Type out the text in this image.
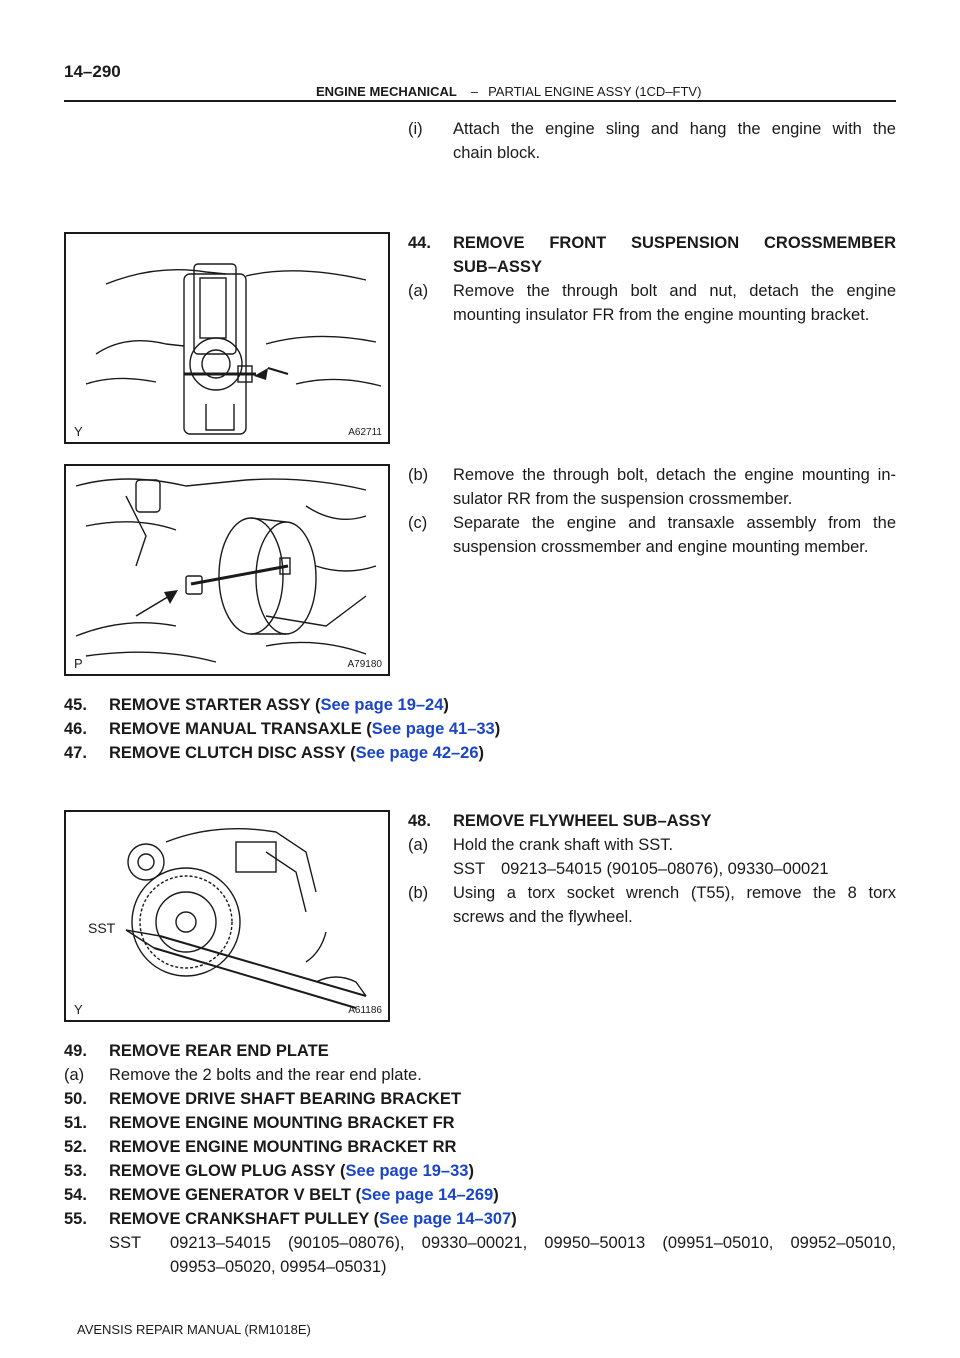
14–290
ENGINE MECHANICAL – PARTIAL ENGINE ASSY (1CD–FTV)
(i) Attach the engine sling and hang the engine with the
chain block.
44. REMOVE FRONT SUSPENSION CROSSMEMBER
SUB–ASSY
(a) Remove the through bolt and nut, detach the engine
mounting insulator FR from the engine mounting bracket.
(b) Remove the through bolt, detach the engine mounting in-
sulator RR from the suspension crossmember.
(c) Separate the engine and transaxle assembly from the
suspension crossmember and engine mounting member.
Y	A62711
P	A79180
45. REMOVE STARTER ASSY (See page 19–24)
46. REMOVE MANUAL TRANSAXLE (See page 41–33)
47. REMOVE CLUTCH DISC ASSY (See page 42–26)
48. REMOVE FLYWHEEL SUB–ASSY
(a) Hold the crank shaft with SST.
SST 09213–54015 (90105–08076), 09330–00021
(b) Using a torx socket wrench (T55), remove the 8 torx
screws and the flywheel.
SST
Y	A61186
49. REMOVE REAR END PLATE
(a) Remove the 2 bolts and the rear end plate.
50. REMOVE DRIVE SHAFT BEARING BRACKET
51. REMOVE ENGINE MOUNTING BRACKET FR
52. REMOVE ENGINE MOUNTING BRACKET RR
53. REMOVE GLOW PLUG ASSY (See page 19–33)
54. REMOVE GENERATOR V BELT (See page 14–269)
55. REMOVE CRANKSHAFT PULLEY (See page 14–307)
SST 09213–54015 (90105–08076), 09330–00021, 09950–50013 (09951–05010, 09952–05010,
09953–05020, 09954–05031)
AVENSIS REPAIR MANUAL (RM1018E)
